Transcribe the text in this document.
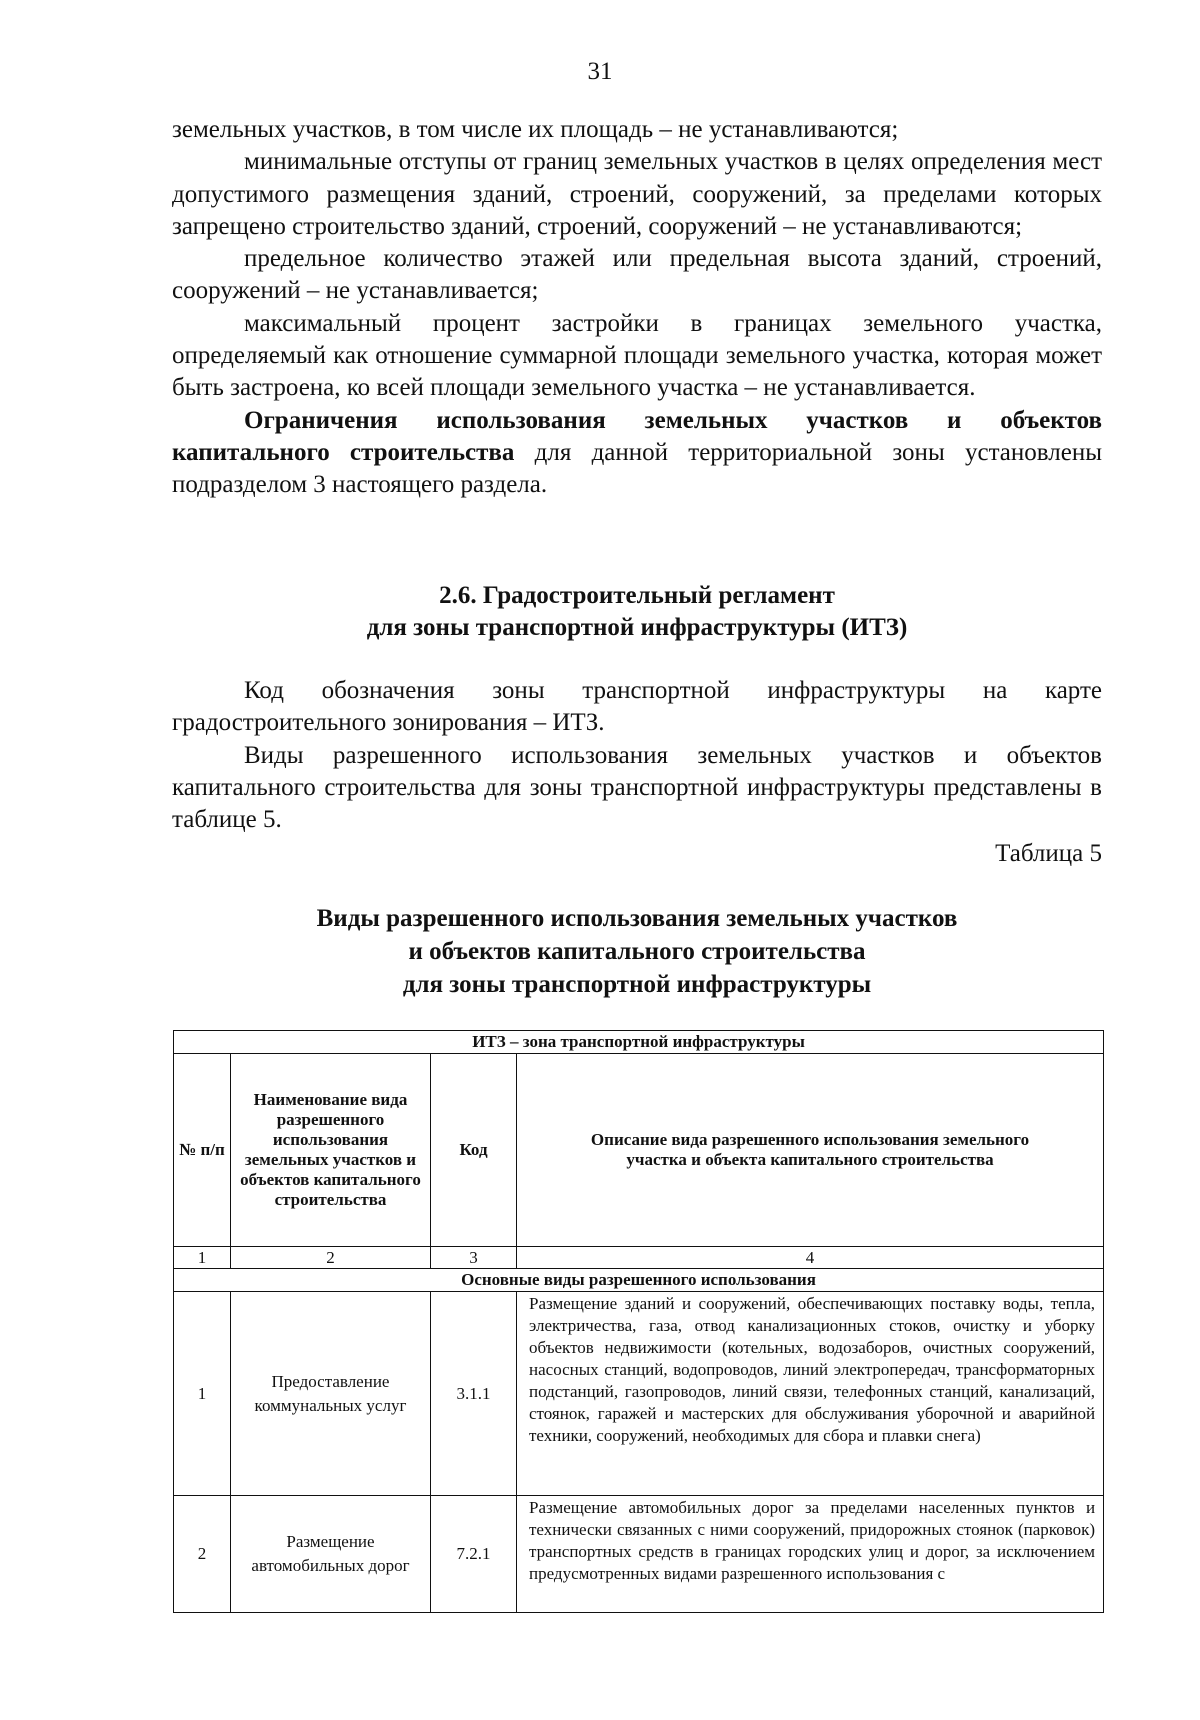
31

земельных участков, в том числе их площадь – не устанавливаются;

минимальные отступы от границ земельных участков в целях определения мест допустимого размещения зданий, строений, сооружений, за пределами которых запрещено строительство зданий, строений, сооружений – не устанавливаются;

предельное количество этажей или предельная высота зданий, строений, сооружений – не устанавливается;

максимальный процент застройки в границах земельного участка, определяемый как отношение суммарной площади земельного участка, которая может быть застроена, ко всей площади земельного участка – не устанавливается.

Ограничения использования земельных участков и объектов капитального строительства для данной территориальной зоны установлены подразделом 3 настоящего раздела.

2.6. Градостроительный регламент
для зоны транспортной инфраструктуры (ИТЗ)

Код обозначения зоны транспортной инфраструктуры на карте градостроительного зонирования – ИТЗ.

Виды разрешенного использования земельных участков и объектов капитального строительства для зоны транспортной инфраструктуры представлены в таблице 5.

Таблица 5
Виды разрешенного использования земельных участков
и объектов капитального строительства
для зоны транспортной инфраструктуры
ИТЗ – зона транспортной инфраструктуры			
№ п/п	Наименование вида разрешенного использования земельных участков и объектов капитального строительства	Код	Описание вида разрешенного использования земельного участка и объекта капитального строительства
1	2	3	4
Основные виды разрешенного использования			
1	Предоставление коммунальных услуг	3.1.1	Размещение зданий и сооружений, обеспечивающих поставку воды, тепла, электричества, газа, отвод канализационных стоков, очистку и уборку объектов недвижимости (котельных, водозаборов, очистных сооружений, насосных станций, водопроводов, линий электропередач, трансформаторных подстанций, газопроводов, линий связи, телефонных станций, канализаций, стоянок, гаражей и мастерских для обслуживания уборочной и аварийной техники, сооружений, необходимых для сбора и плавки снега)
2	Размещение автомобильных дорог	7.2.1	Размещение автомобильных дорог за пределами населенных пунктов и технически связанных с ними сооружений, придорожных стоянок (парковок) транспортных средств в границах городских улиц и дорог, за исключением предусмотренных видами разрешенного использования с
